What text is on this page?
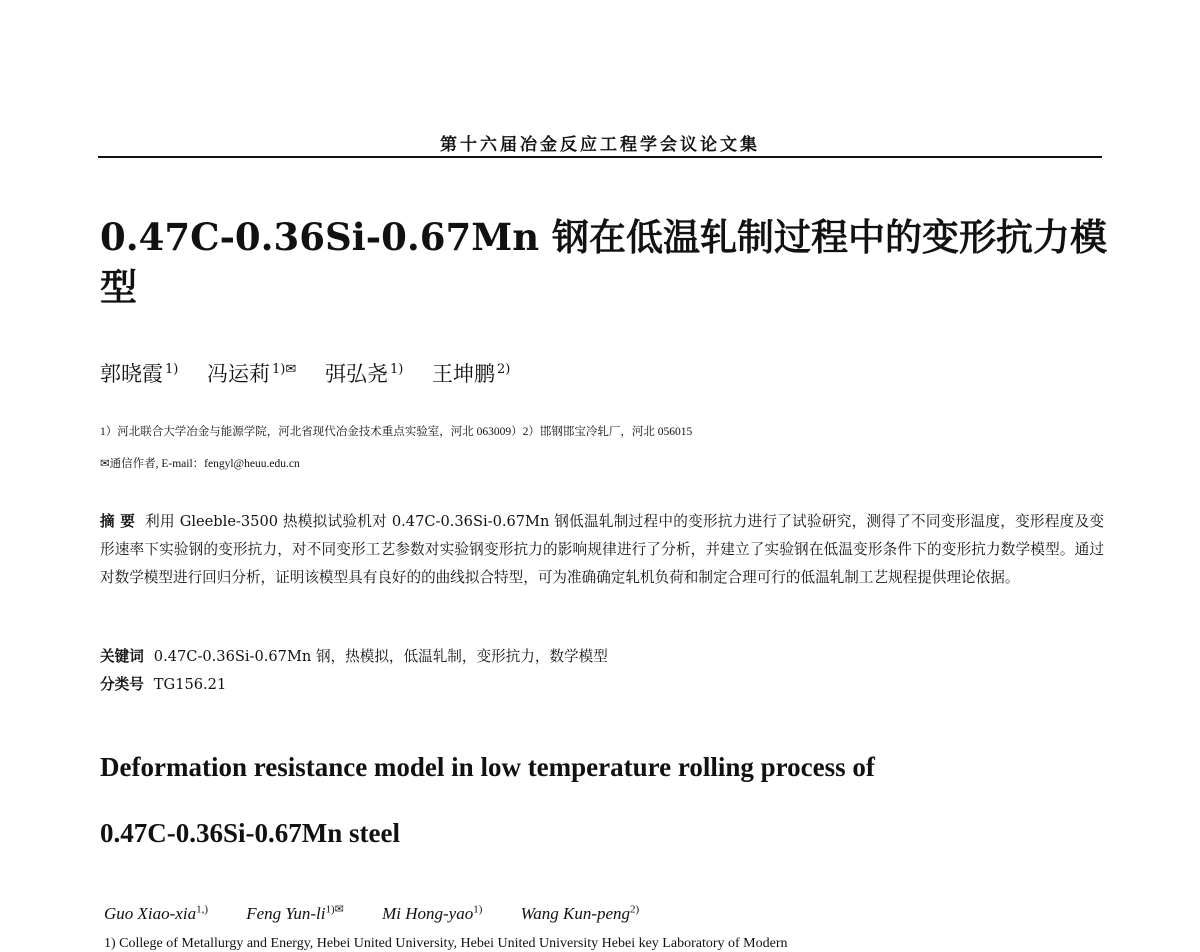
第十六届冶金反应工程学会议论文集
0.47C-0.36Si-0.67Mn 钢在低温轧制过程中的变形抗力模型
郭晓霞 $^{1)}$ 冯运莉 $^{1)✉}$ 弭弘尧 $^{1)}$ 王坤鹏 $^{2)}$
1）河北联合大学冶金与能源学院，河北省现代冶金技术重点实验室，河北 063009）2）邯钢邯宝冷轧厂，河北 056015
✉通信作者, E-mail：fengyl@heuu.edu.cn
摘 要 利用 Gleeble-3500 热模拟试验机对 0.47C-0.36Si-0.67Mn 钢低温轧制过程中的变形抗力进行了试验研究，测得了不同变形温度，变形程度及变形速率下实验钢的变形抗力，对不同变形工艺参数对实验钢变形抗力的影响规律进行了分析，并建立了实验钢在低温变形条件下的变形抗力数学模型。通过对数学模型进行回归分析，证明该模型具有良好的的曲线拟合特型，可为准确确定轧机负荷和制定合理可行的低温轧制工艺规程提供理论依据。
关键词 0.47C-0.36Si-0.67Mn 钢，热模拟，低温轧制，变形抗力，数学模型
分类号 TG156.21
Deformation resistance model in low temperature rolling process of
0.47C-0.36Si-0.67Mn steel
Guo Xiao-xia$^{1,)}$ Feng Yun-$li^{1)✉}$ Mi Hong-yao$^{1)}$ Wang Kun-peng$^{2)}$
1) College of Metallurgy and Energy, Hebei United University, Hebei United University Hebei key Laboratory of Modern
